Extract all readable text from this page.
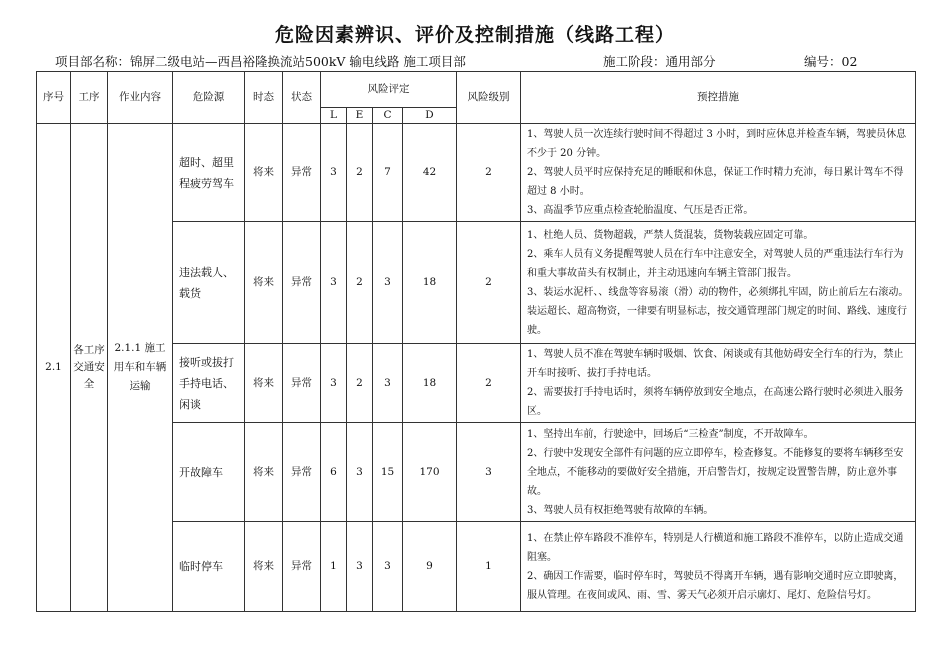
危险因素辨识、评价及控制措施（线路工程）
项目部名称：锦屏二级电站—西昌裕隆换流站500kV 输电线路 施工项目部	施工阶段：通用部分	编号：02
序号	工序	作业内容	危险源	时态	状态	风险评定				风险级别	预控措施
						L	E	C	D		
2.1	各工序交通安全	2.1.1 施工用车和车辆运输	超时、超里程疲劳驾车	将来	异常	3	2	7	42	2	1、驾驶人员一次连续行驶时间不得超过 3 小时，到时应休息并检查车辆，驾驶员休息不少于 20 分钟。
2、驾驶人员平时应保持充足的睡眠和休息，保证工作时精力充沛，每日累计驾车不得超过 8 小时。
3、高温季节应重点检查轮胎温度、气压是否正常。

			违法载人、载货	将来	异常	3	2	3	18	2	1、杜绝人员、货物超载，严禁人货混装，货物装载应固定可靠。
2、乘车人员有义务提醒驾驶人员在行车中注意安全，对驾驶人员的严重违法行车行为和重大事故苗头有权制止，并主动迅速向车辆主管部门报告。
3、装运水泥杆、、线盘等容易滚（滑）动的物件，必须绑扎牢固，防止前后左右滚动。装运超长、超高物资，一律要有明显标志，按交通管理部门规定的时间、路线、速度行驶。

			接听或拔打手持电话、闲谈	将来	异常	3	2	3	18	2	1、驾驶人员不准在驾驶车辆时吸烟、饮食、闲谈或有其他妨碍安全行车的行为，禁止开车时接听、拔打手持电话。
2、需要拔打手持电话时，须将车辆停放到安全地点，在高速公路行驶时必须进入服务区。

			开故障车	将来	异常	6	3	15	170	3	1、坚持出车前，行驶途中，回场后“三检查”制度，不开故障车。
2、行驶中发现安全部件有问题的应立即停车，检查修复。不能修复的要将车辆移至安全地点，不能移动的要做好安全措施，开启警告灯，按规定设置警告牌，防止意外事故。
3、驾驶人员有权拒绝驾驶有故障的车辆。

			临时停车	将来	异常	1	3	3	9	1	1、在禁止停车路段不准停车，特别是人行横道和施工路段不准停车，以防止造成交通阻塞。
2、确因工作需要，临时停车时，驾驶员不得离开车辆，遇有影响交通时应立即驶离，服从管理。在夜间或风、雨、雪、雾天气必须开启示廓灯、尾灯、危险信号灯。
